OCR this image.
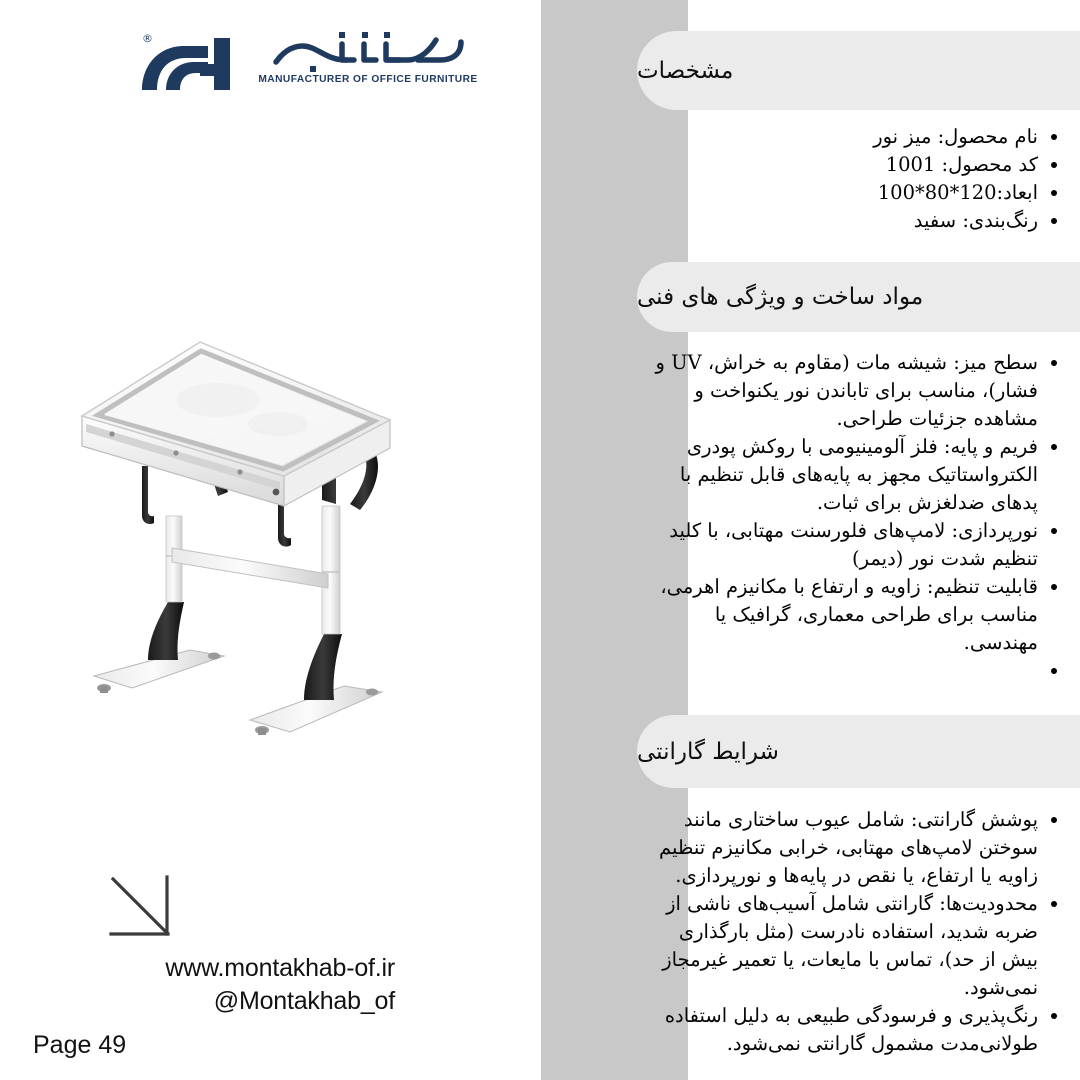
MANUFACTURER OF OFFICE FURNITURE
®
www.montakhab-of.ir
@Montakhab_of
Page 49
مشخصات
نام محصول: میز نور
کد محصول: 1001
ابعاد:120*80*100
رنگ‌بندی: سفید
مواد ساخت و ویژگی های فنی
سطح میز: شیشه مات (مقاوم به خراش، UV و فشار)، مناسب برای تاباندن نور یکنواخت و مشاهده جزئیات طراحی.
فریم و پایه: فلز آلومینیومی با روکش پودری الکترواستاتیک مجهز به پایه‌های قابل تنظیم با پدهای ضدلغزش برای ثبات.
نورپردازی: لامپ‌های فلورسنت مهتابی، با کلید تنظیم شدت نور (دیمر)
قابلیت تنظیم: زاویه و ارتفاع با مکانیزم اهرمی، مناسب برای طراحی معماری، گرافیک یا مهندسی.
شرایط گارانتی
پوشش گارانتی: شامل عیوب ساختاری مانند سوختن لامپ‌های مهتابی، خرابی مکانیزم تنظیم زاویه یا ارتفاع، یا نقص در پایه‌ها و نورپردازی.
محدودیت‌ها: گارانتی شامل آسیب‌های ناشی از ضربه شدید، استفاده نادرست (مثل بارگذاری بیش از حد)، تماس با مایعات، یا تعمیر غیرمجاز نمی‌شود.
رنگ‌پذیری و فرسودگی طبیعی به دلیل استفاده طولانی‌مدت مشمول گارانتی نمی‌شود.
